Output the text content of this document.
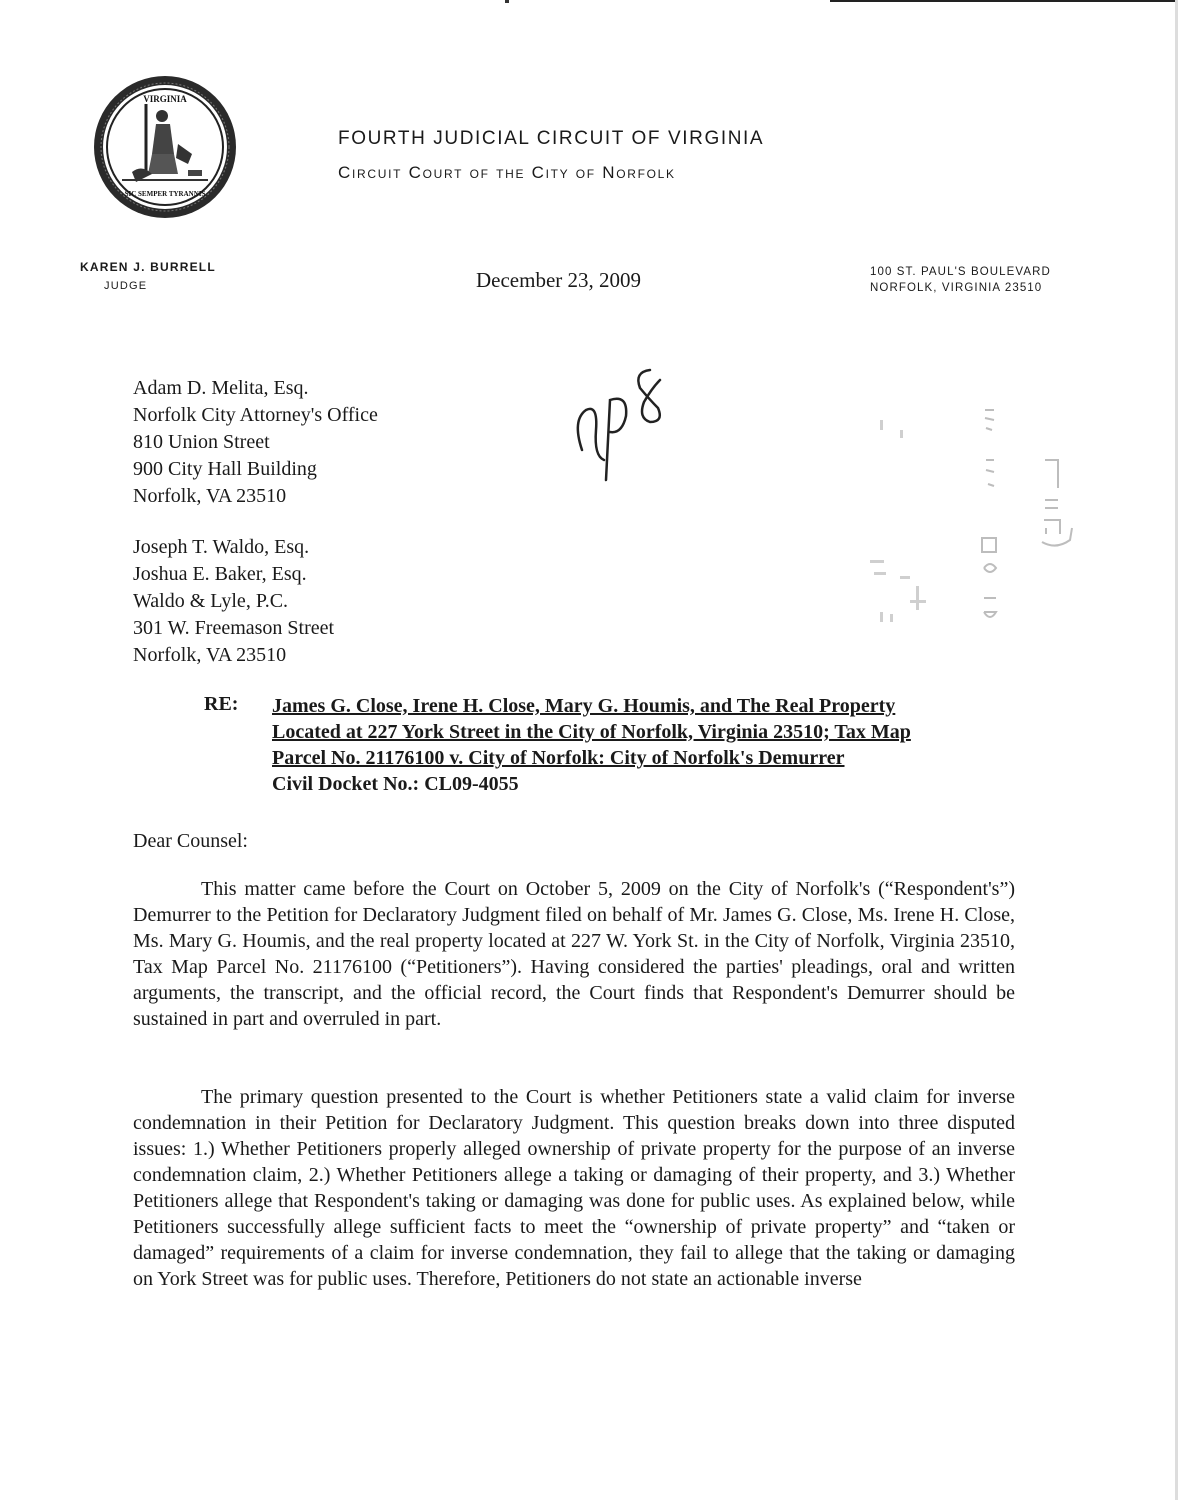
VIRGINIA
SIC SEMPER TYRANNIS
FOURTH JUDICIAL CIRCUIT OF VIRGINIA
Circuit Court of the City of Norfolk
KAREN J. BURRELL
JUDGE	December 23, 2009	100 ST. PAUL'S BOULEVARD
NORFOLK, VIRGINIA 23510
Adam D. Melita, Esq.
Norfolk City Attorney's Office
810 Union Street
900 City Hall Building
Norfolk, VA 23510
Joseph T. Waldo, Esq.
Joshua E. Baker, Esq.
Waldo & Lyle, P.C.
301 W. Freemason Street
Norfolk, VA 23510
RE: James G. Close, Irene H. Close, Mary G. Houmis, and The Real Property
Located at 227 York Street in the City of Norfolk, Virginia 23510; Tax Map
Parcel No. 21176100 v. City of Norfolk: City of Norfolk's Demurrer
Civil Docket No.: CL09-4055
Dear Counsel:
This matter came before the Court on October 5, 2009 on the City of Norfolk's (“Respondent's”) Demurrer to the Petition for Declaratory Judgment filed on behalf of Mr. James G. Close, Ms. Irene H. Close, Ms. Mary G. Houmis, and the real property located at 227 W. York St. in the City of Norfolk, Virginia 23510, Tax Map Parcel No. 21176100 (“Petitioners”). Having considered the parties' pleadings, oral and written arguments, the transcript, and the official record, the Court finds that Respondent's Demurrer should be sustained in part and overruled in part.
The primary question presented to the Court is whether Petitioners state a valid claim for inverse condemnation in their Petition for Declaratory Judgment. This question breaks down into three disputed issues: 1.) Whether Petitioners properly alleged ownership of private property for the purpose of an inverse condemnation claim, 2.) Whether Petitioners allege a taking or damaging of their property, and 3.) Whether Petitioners allege that Respondent's taking or damaging was done for public uses. As explained below, while Petitioners successfully allege sufficient facts to meet the “ownership of private property” and “taken or damaged” requirements of a claim for inverse condemnation, they fail to allege that the taking or damaging on York Street was for public uses. Therefore, Petitioners do not state an actionable inverse
